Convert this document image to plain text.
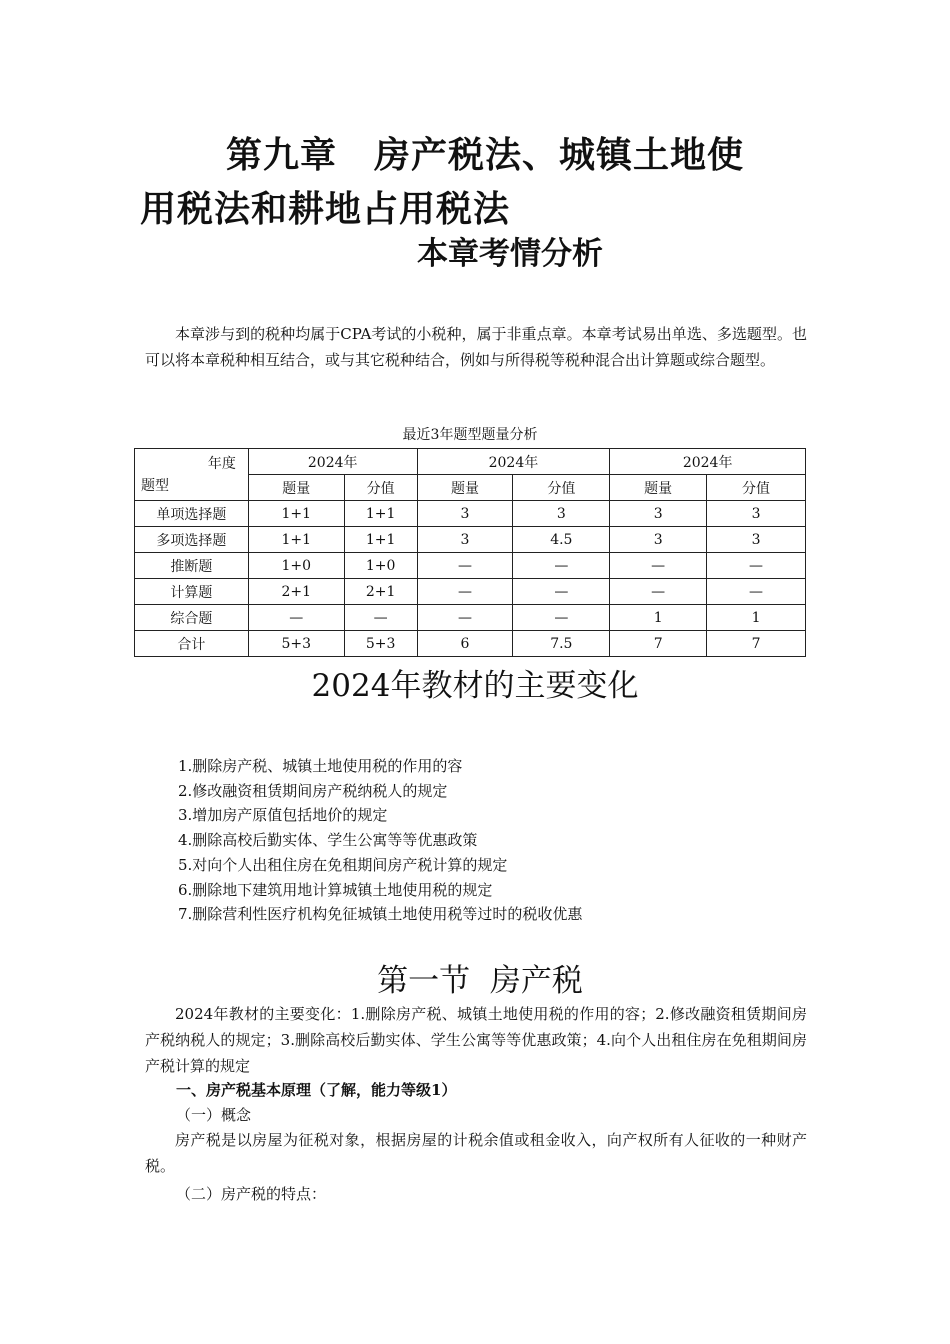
第九章　房产税法、城镇土地使
用税法和耕地占用税法
本章考情分析
本章涉与到的税种均属于CPA考试的小税种，属于非重点章。本章考试易出单选、多选题型。也可以将本章税种相互结合，或与其它税种结合，例如与所得税等税种混合出计算题或综合题型。
最近3年题型题量分析
年度
题型	2024年		2024年		2024年	
	题量	分值	题量	分值	题量	分值
单项选择题	1+1	1+1	3	3	3	3
多项选择题	1+1	1+1	3	4.5	3	3
推断题	1+0	1+0	—	—	—	—
计算题	2+1	2+1	—	—	—	—
综合题	—	—	—	—	1	1
合计	5+3	5+3	6	7.5	7	7
2024年教材的主要变化
1.删除房产税、城镇土地使用税的作用的容
2.修改融资租赁期间房产税纳税人的规定
3.增加房产原值包括地价的规定
4.删除高校后勤实体、学生公寓等等优惠政策
5.对向个人出租住房在免租期间房产税计算的规定
6.删除地下建筑用地计算城镇土地使用税的规定
7.删除营利性医疗机构免征城镇土地使用税等过时的税收优惠
第一节  房产税
2024年教材的主要变化：1.删除房产税、城镇土地使用税的作用的容；2.修改融资租赁期间房产税纳税人的规定；3.删除高校后勤实体、学生公寓等等优惠政策；4.向个人出租住房在免租期间房产税计算的规定
一、房产税基本原理（了解，能力等级1）
（一）概念
房产税是以房屋为征税对象，根据房屋的计税余值或租金收入，向产权所有人征收的一种财产税。
（二）房产税的特点：
